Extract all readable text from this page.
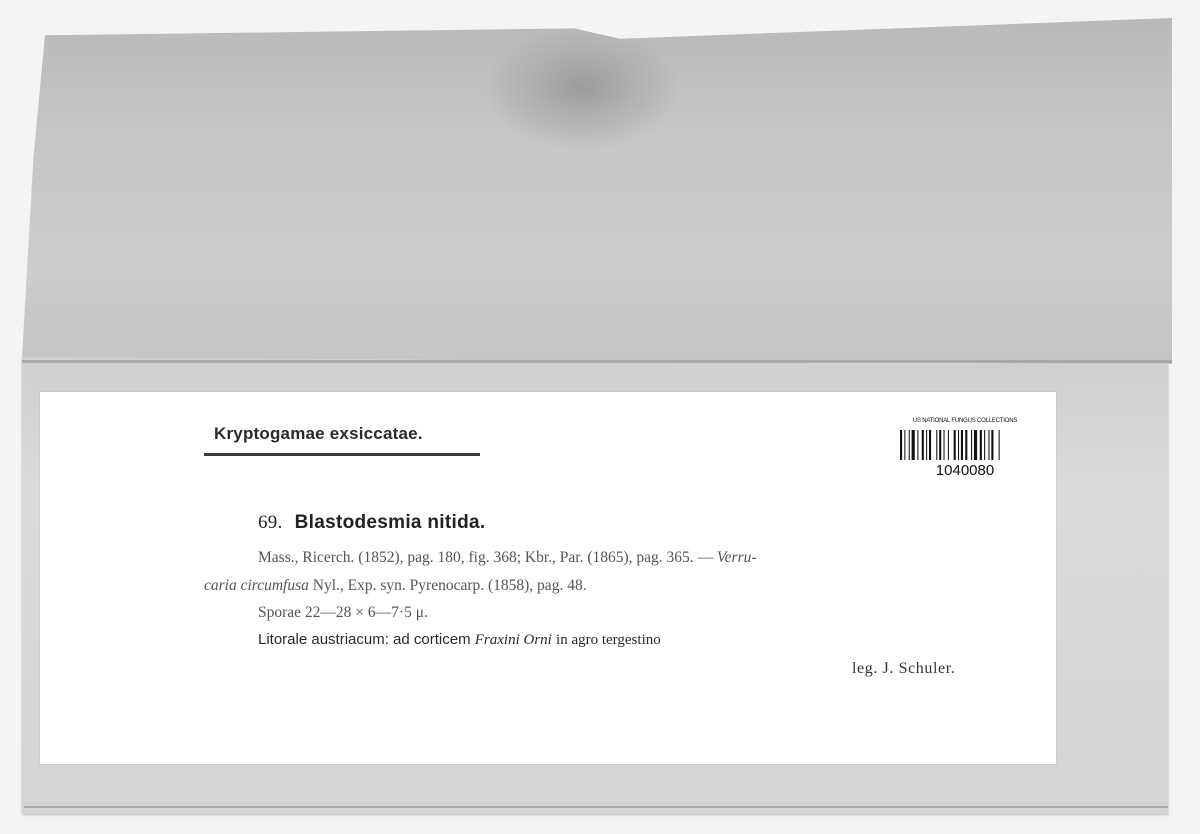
Kryptogamae exsiccatae.
US NATIONAL FUNGUS COLLECTIONS
1040080
69. Blastodesmia nitida.
Mass., Ricerch. (1852), pag. 180, fig. 368; Kbr., Par. (1865), pag. 365. — Verru-
caria circumfusa Nyl., Exp. syn. Pyrenocarp. (1858), pag. 48.
Sporae 22—28 × 6—7·5 μ.
Litorale austriacum: ad corticem Fraxini Orni in agro tergestino
leg. J. Schuler.
